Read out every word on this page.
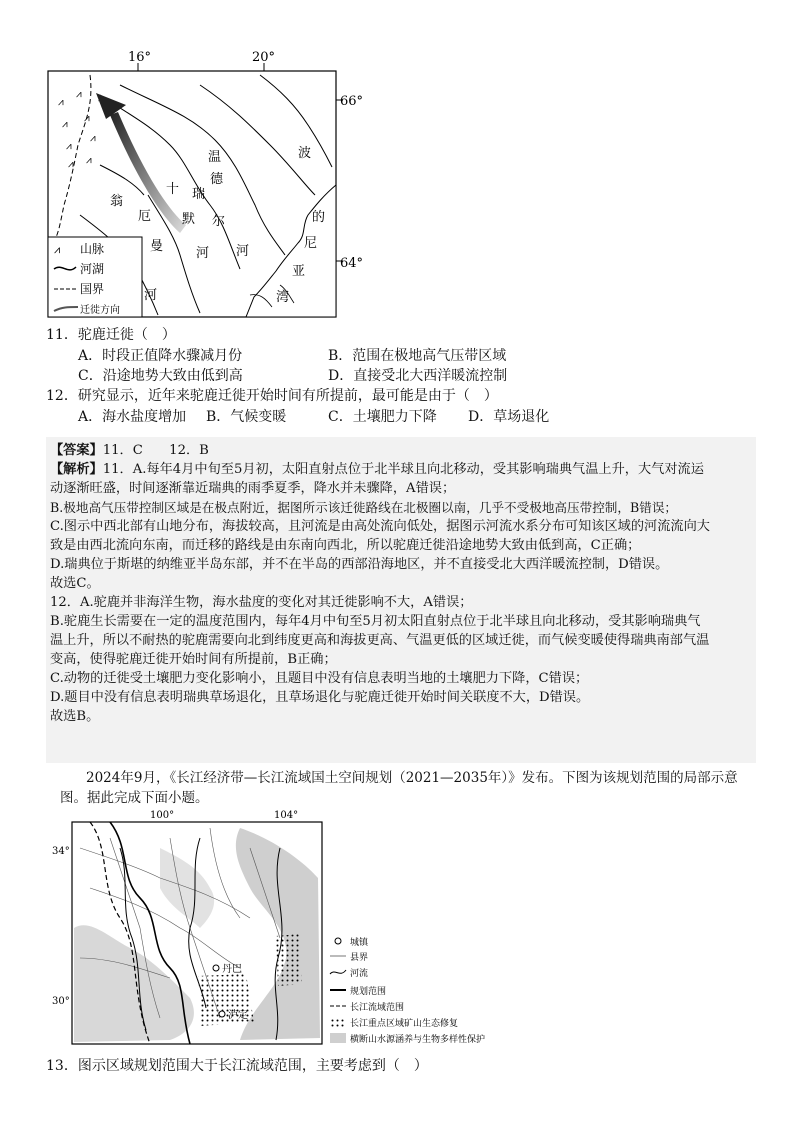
16°	20°
66°
64°
⩘
⩘
⩘
⩘
⩘
⩘
⩘ ⩘
瑞
十
翁
厄
曼
河
默
河
温
德
尔
河
波
的
尼
亚
湾
⩘ 山脉
河湖
国界
迁徙方向
11．驼鹿迁徙（　）
A．时段正值降水骤减月份	B．范围在极地高气压带区域
C．沿途地势大致由低到高	D．直接受北大西洋暖流控制
12．研究显示，近年来驼鹿迁徙开始时间有所提前，最可能是由于（　）
A．海水盐度增加 B．气候变暖	C．土壤肥力下降 D．草场退化
【答案】11．C　　12．B
【解析】11．A.每年4月中旬至5月初，太阳直射点位于北半球且向北移动，受其影响瑞典气温上升，大气对流运
动逐渐旺盛，时间逐渐靠近瑞典的雨季夏季，降水并未骤降，A错误；
B.极地高气压带控制区域是在极点附近，据图所示该迁徙路线在北极圈以南，几乎不受极地高压带控制，B错误；
C.图示中西北部有山地分布，海拔较高，且河流是由高处流向低处，据图示河流水系分布可知该区域的河流流向大
致是由西北流向东南，而迁移的路线是由东南向西北，所以驼鹿迁徙沿途地势大致由低到高，C正确；
D.瑞典位于斯堪的纳维亚半岛东部，并不在半岛的西部沿海地区，并不直接受北大西洋暖流控制，D错误。
故选C。
12．A.驼鹿并非海洋生物，海水盐度的变化对其迁徙影响不大，A错误；
B.驼鹿生长需要在一定的温度范围内，每年4月中旬至5月初太阳直射点位于北半球且向北移动，受其影响瑞典气
温上升，所以不耐热的驼鹿需要向北到纬度更高和海拔更高、气温更低的区域迁徙，而气候变暖使得瑞典南部气温
变高，使得驼鹿迁徙开始时间有所提前，B正确；
C.动物的迁徙受土壤肥力变化影响小，且题目中没有信息表明当地的土壤肥力下降，C错误；
D.题目中没有信息表明瑞典草场退化，且草场退化与驼鹿迁徙开始时间关联度不大，D错误。
故选B。
2024年9月，《长江经济带—长江流域国土空间规划（2021—2035年）》发布。下图为该规划范围的局部示意
图。据此完成下面小题。
100°	104°
34°
30°
丹巴
泸定
城镇
县界
河流
规划范围
长江流域范围
长江重点区域矿山生态修复
横断山水源涵养与生物多样性保护
13．图示区域规划范围大于长江流域范围，主要考虑到（　）
